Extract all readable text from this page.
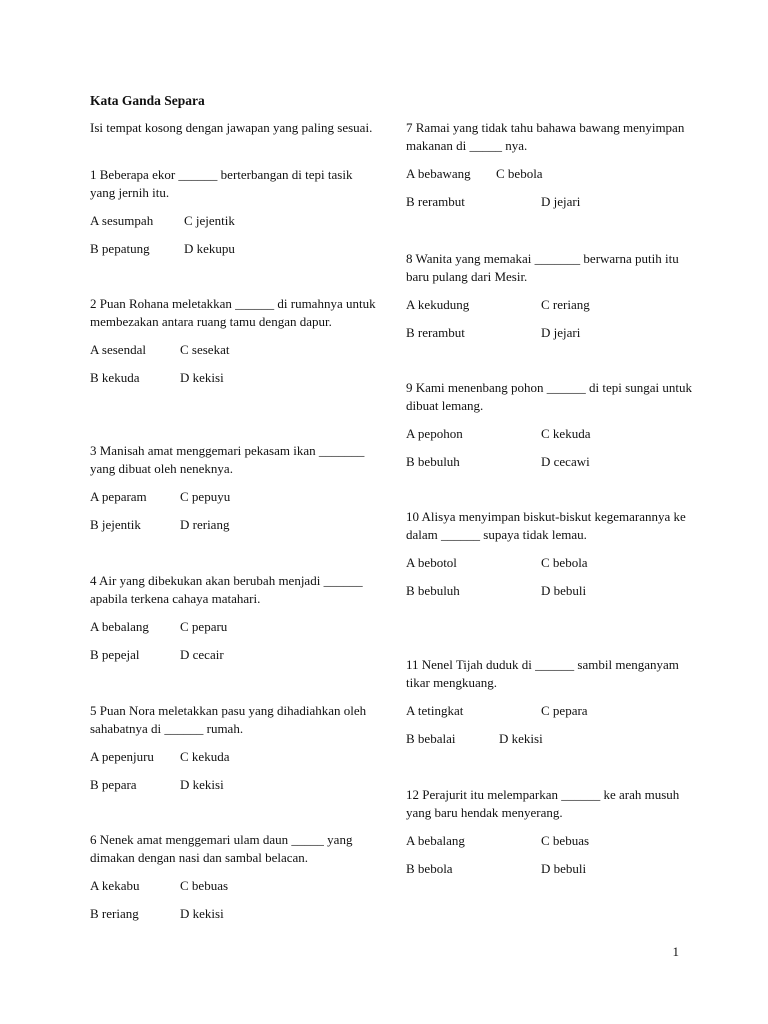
Kata Ganda Separa
Isi tempat kosong dengan jawapan yang paling sesuai.

1 Beberapa ekor ______ berterbangan di tepi tasik yang jernih itu.

A sesumpah C jejentik
B pepatung	D kekupu

2 Puan Rohana meletakkan ______ di rumahnya untuk membezakan antara ruang tamu dengan dapur.

A sesendal	C sesekat
B kekuda	D kekisi

3 Manisah amat menggemari pekasam ikan _______ yang dibuat oleh neneknya.

A peparam	C pepuyu
B jejentik	D reriang

4 Air yang dibekukan akan berubah menjadi ______ apabila terkena cahaya matahari.

A bebalang C peparu
B pepejal	D cecair

5 Puan Nora meletakkan pasu yang dihadiahkan oleh sahabatnya di ______ rumah.

A pepenjuru C kekuda
B pepara	D kekisi

6 Nenek amat menggemari ulam daun _____ yang dimakan dengan nasi dan sambal belacan.

A kekabu	C bebuas
B reriang	D kekisi

7 Ramai yang tidak tahu bahawa bawang menyimpan makanan di _____ nya.

A bebawang C bebola
B rerambut	D jejari

8 Wanita yang memakai _______ berwarna putih itu baru pulang dari Mesir.

A kekudung	C reriang
B rerambut	D jejari

9 Kami menenbang pohon ______ di tepi sungai untuk dibuat lemang.

A pepohon	C kekuda
B bebuluh	D cecawi

10 Alisya menyimpan biskut-biskut kegemarannya ke dalam ______ supaya tidak lemau.

A bebotol	C bebola
B bebuluh	D bebuli

11 Nenel Tijah duduk di ______ sambil menganyam tikar mengkuang.

A tetingkat	C pepara
B bebalai	D kekisi

12 Perajurit itu melemparkan ______ ke arah musuh yang baru hendak menyerang.

A bebalang	C bebuas
B bebola	D bebuli
1
